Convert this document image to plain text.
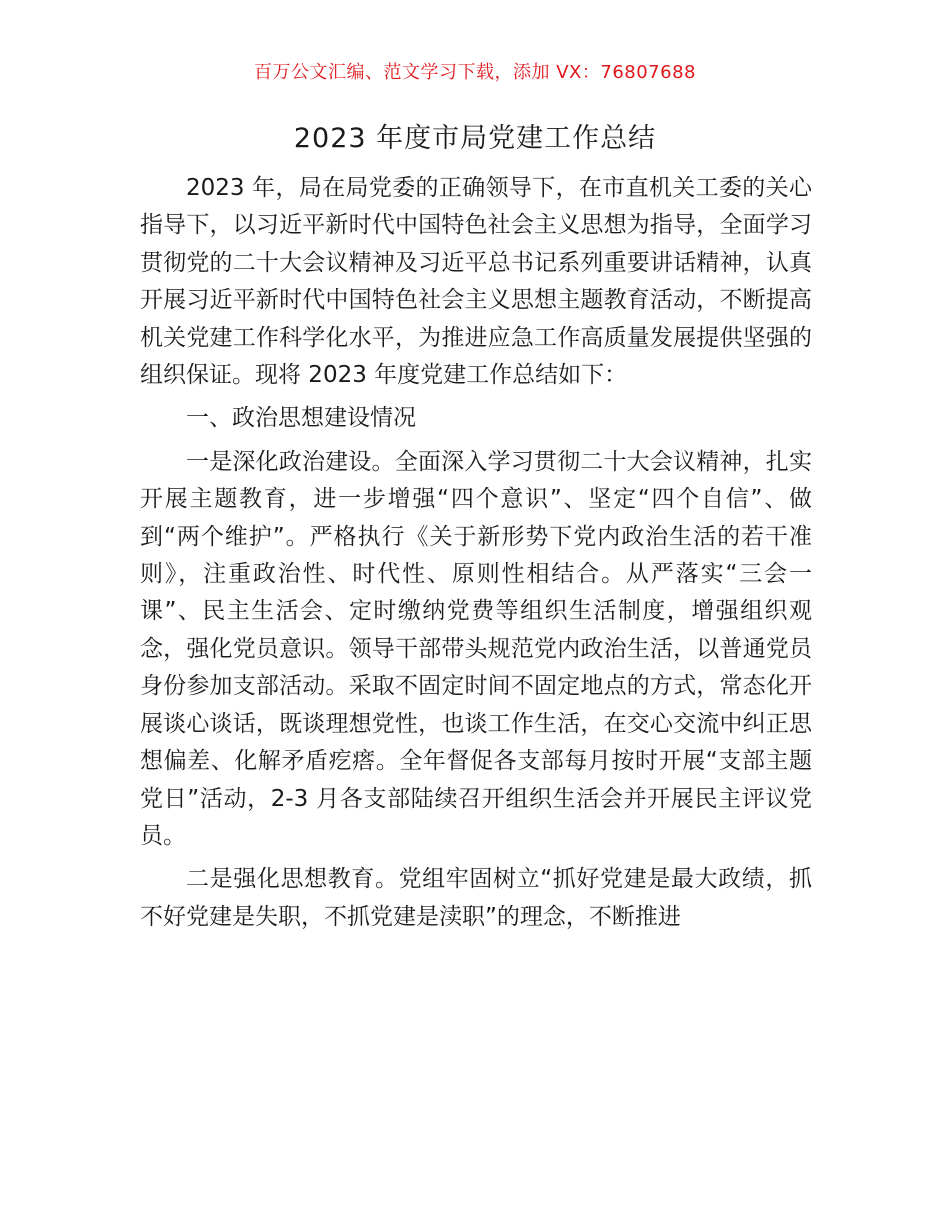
百万公文汇编、范文学习下载，添加 VX：76807688
2023 年度市局党建工作总结

2023 年，局在局党委的正确领导下，在市直机关工委的关心指导下，以习近平新时代中国特色社会主义思想为指导，全面学习贯彻党的二十大会议精神及习近平总书记系列重要讲话精神，认真开展习近平新时代中国特色社会主义思想主题教育活动，不断提高机关党建工作科学化水平，为推进应急工作高质量发展提供坚强的组织保证。现将 2023 年度党建工作总结如下：

一、政治思想建设情况

一是深化政治建设。全面深入学习贯彻二十大会议精神，扎实开展主题教育，进一步增强“四个意识”、坚定“四个自信”、做到“两个维护”。严格执行《关于新形势下党内政治生活的若干准则》，注重政治性、时代性、原则性相结合。从严落实“三会一课”、民主生活会、定时缴纳党费等组织生活制度，增强组织观念，强化党员意识。领导干部带头规范党内政治生活，以普通党员身份参加支部活动。采取不固定时间不固定地点的方式，常态化开展谈心谈话，既谈理想党性，也谈工作生活，在交心交流中纠正思想偏差、化解矛盾疙瘩。全年督促各支部每月按时开展“支部主题党日”活动，2-3 月各支部陆续召开组织生活会并开展民主评议党员。

二是强化思想教育。党组牢固树立“抓好党建是最大政绩，抓不好党建是失职，不抓党建是渎职”的理念，不断推进
